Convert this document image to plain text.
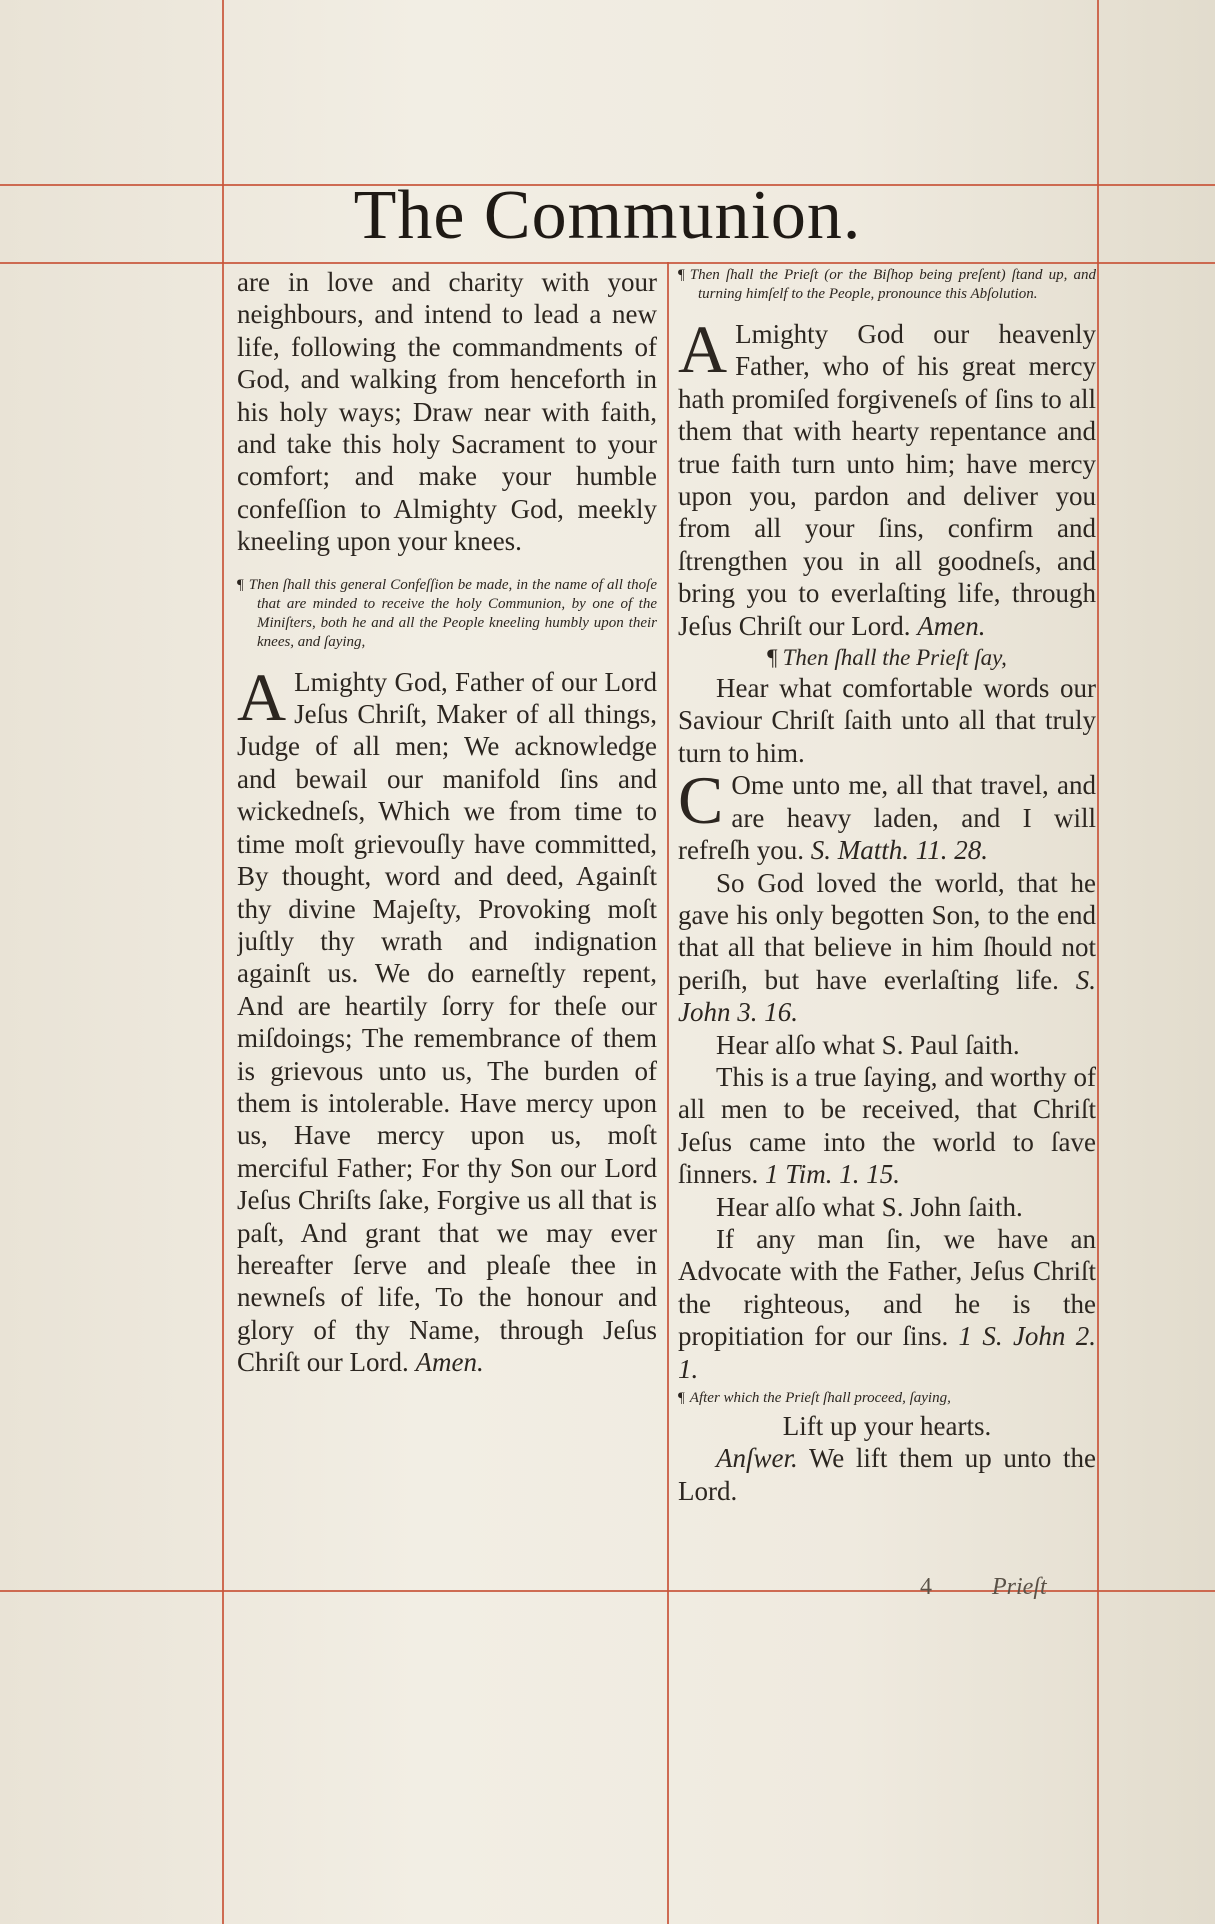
The Communion.

are in love and charity with your neighbours, and intend to lead a new life, following the commandments of God, and walking from henceforth in his holy ways; Draw near with faith, and take this holy Sacrament to your comfort; and make your humble confeſſion to Almighty God, meekly kneeling upon your knees.

¶ Then ſhall this general Confeſſion be made, in the name of all thoſe that are minded to receive the holy Communion, by one of the Miniſters, both he and all the People kneeling humbly upon their knees, and ſaying,

A Lmighty God, Father of our Lord Jeſus Chriſt, Maker of all things, Judge of all men; We acknowledge and bewail our manifold ſins and wickedneſs, Which we from time to time moſt grievouſly have committed, By thought, word and deed, Againſt thy divine Majeſty, Provoking moſt juſtly thy wrath and indignation againſt us. We do earneſtly repent, And are heartily ſorry for theſe our miſdoings; The remembrance of them is grievous unto us, The burden of them is intolerable. Have mercy upon us, Have mercy upon us, moſt merciful Father; For thy Son our Lord Jeſus Chriſts ſake, Forgive us all that is paſt, And grant that we may ever hereafter ſerve and pleaſe thee in newneſs of life, To the honour and glory of thy Name, through Jeſus Chriſt our Lord. Amen.

¶ Then ſhall the Prieſt (or the Biſhop being preſent) ſtand up, and turning himſelf to the People, pronounce this Abſolution.

A Lmighty God our heavenly Father, who of his great mercy hath promiſed forgiveneſs of ſins to all them that with hearty repentance and true faith turn unto him; have mercy upon you, pardon and deliver you from all your ſins, confirm and ſtrengthen you in all goodneſs, and bring you to everlaſting life, through Jeſus Chriſt our Lord. Amen.

¶ Then ſhall the Prieſt ſay,

Hear what comfortable words our Saviour Chriſt ſaith unto all that truly turn to him.

C Ome unto me, all that travel, and are heavy laden, and I will refreſh you. S. Matth. 11. 28.

So God loved the world, that he gave his only begotten Son, to the end that all that believe in him ſhould not periſh, but have everlaſting life. S. John 3. 16.

Hear alſo what S. Paul ſaith.

This is a true ſaying, and worthy of all men to be received, that Chriſt Jeſus came into the world to ſave ſinners. 1 Tim. 1. 15.

Hear alſo what S. John ſaith.

If any man ſin, we have an Advocate with the Father, Jeſus Chriſt the righteous, and he is the propitiation for our ſins. 1 S. John 2. 1.

¶ After which the Prieſt ſhall proceed, ſaying,

Lift up your hearts.

Anſwer. We lift them up unto the Lord.

4	Prieſt
